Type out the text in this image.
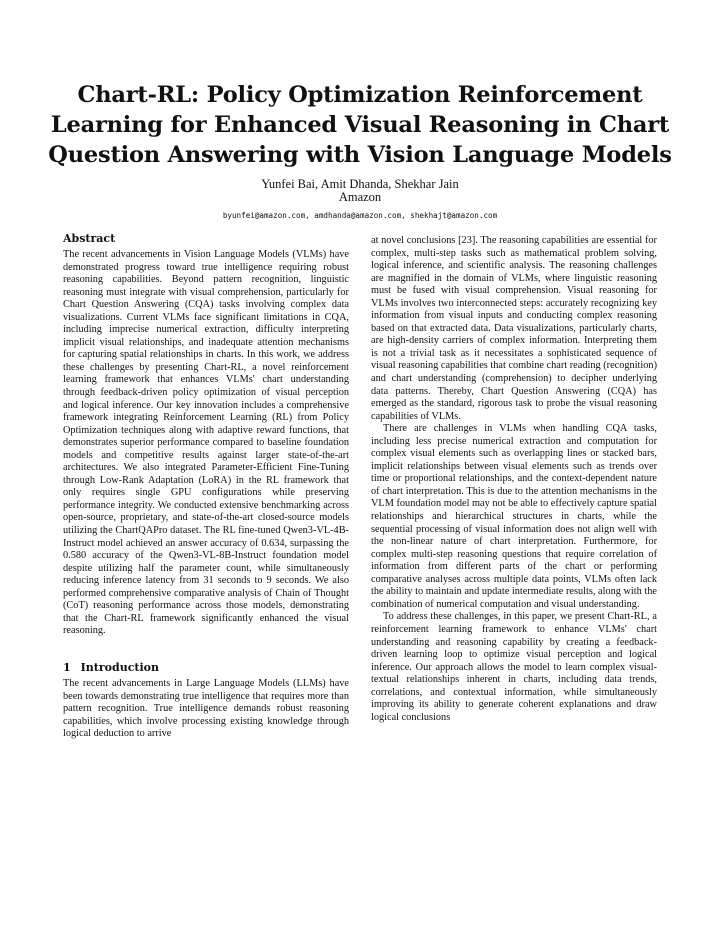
Chart-RL: Policy Optimization Reinforcement Learning for Enhanced Visual Reasoning in Chart Question Answering with Vision Language Models
Yunfei Bai, Amit Dhanda, Shekhar Jain
Amazon
byunfei@amazon.com, amdhanda@amazon.com, shekhajt@amazon.com
Abstract

The recent advancements in Vision Language Models (VLMs) have demonstrated progress toward true intelligence requiring robust reasoning capabilities. Beyond pattern recognition, linguistic reasoning must integrate with visual comprehension, particularly for Chart Question Answering (CQA) tasks involving complex data visualizations. Current VLMs face significant limitations in CQA, including imprecise numerical extraction, difficulty interpreting implicit visual relationships, and inadequate attention mechanisms for capturing spatial relationships in charts. In this work, we address these challenges by presenting Chart-RL, a novel reinforcement learning framework that enhances VLMs' chart understanding through feedback-driven policy optimization of visual perception and logical inference. Our key innovation includes a comprehensive framework integrating Reinforcement Learning (RL) from Policy Optimization techniques along with adaptive reward functions, that demonstrates superior performance compared to baseline foundation models and competitive results against larger state-of-the-art architectures. We also integrated Parameter-Efficient Fine-Tuning through Low-Rank Adaptation (LoRA) in the RL framework that only requires single GPU configurations while preserving performance integrity. We conducted extensive benchmarking across open-source, proprietary, and state-of-the-art closed-source models utilizing the ChartQAPro dataset. The RL fine-tuned Qwen3-VL-4B-Instruct model achieved an answer accuracy of 0.634, surpassing the 0.580 accuracy of the Qwen3-VL-8B-Instruct foundation model despite utilizing half the parameter count, while simultaneously reducing inference latency from 31 seconds to 9 seconds. We also performed comprehensive comparative analysis of Chain of Thought (CoT) reasoning performance across those models, demonstrating that the Chart-RL framework significantly enhanced the visual reasoning.

1 Introduction

The recent advancements in Large Language Models (LLMs) have been towards demonstrating true intelligence that requires more than pattern recognition. True intelligence demands robust reasoning capabilities, which involve processing existing knowledge through logical deduction to arrive

at novel conclusions [23]. The reasoning capabilities are essential for complex, multi-step tasks such as mathematical problem solving, logical inference, and scientific analysis. The reasoning challenges are magnified in the domain of VLMs, where linguistic reasoning must be fused with visual comprehension. Visual reasoning for VLMs involves two interconnected steps: accurately recognizing key information from visual inputs and conducting complex reasoning based on that extracted data. Data visualizations, particularly charts, are high-density carriers of complex information. Interpreting them is not a trivial task as it necessitates a sophisticated sequence of visual reasoning capabilities that combine chart reading (recognition) and chart understanding (comprehension) to decipher underlying data patterns. Thereby, Chart Question Answering (CQA) has emerged as the standard, rigorous task to probe the visual reasoning capabilities of VLMs.

There are challenges in VLMs when handling CQA tasks, including less precise numerical extraction and computation for complex visual elements such as overlapping lines or stacked bars, implicit relationships between visual elements such as trends over time or proportional relationships, and the context-dependent nature of chart interpretation. This is due to the attention mechanisms in the VLM foundation model may not be able to effectively capture spatial relationships and hierarchical structures in charts, while the sequential processing of visual information does not align well with the non-linear nature of chart interpretation. Furthermore, for complex multi-step reasoning questions that require correlation of information from different parts of the chart or performing comparative analyses across multiple data points, VLMs often lack the ability to maintain and update intermediate results, along with the combination of numerical computation and visual understanding.

To address these challenges, in this paper, we present Chart-RL, a reinforcement learning framework to enhance VLMs' chart understanding and reasoning capability by creating a feedback-driven learning loop to optimize visual perception and logical inference. Our approach allows the model to learn complex visual-textual relationships inherent in charts, including data trends, correlations, and contextual information, while simultaneously improving its ability to generate coherent explanations and draw logical conclusions
